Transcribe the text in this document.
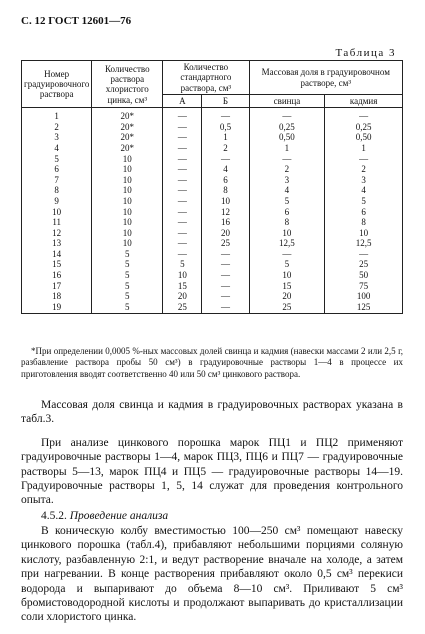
С. 12 ГОСТ 12601—76
Таблица 3
Номер градуировочного раствора	Количество раствора хлористого цинка, см³	Количество стандартного раствора, см³		Массовая доля в градуировочном растворе, см³	
		А	Б	свинца	кадмия
1	20*	—	—	—	—
2	20*	—	0,5	0,25	0,25
3	20*	—	1	0,50	0,50
4	20*	—	2	1	1
5	10	—	—	—	—
6	10	—	4	2	2
7	10	—	6	3	3
8	10	—	8	4	4
9	10	—	10	5	5
10	10	—	12	6	6
11	10	—	16	8	8
12	10	—	20	10	10
13	10	—	25	12,5	12,5
14	5	—	—	—	—
15	5	5	—	5	25
16	5	10	—	10	50
17	5	15	—	15	75
18	5	20	—	20	100
19	5	25	—	25	125
*При определении 0,0005 %-ных массовых долей свинца и кадмия (навески массами 2 или 2,5 г, разбавление раствора пробы 50 см³) в градуировочные растворы 1—4 в процессе их приготовления вводят соответственно 40 или 50 см³ цинкового раствора.

Массовая доля свинца и кадмия в градуировочных растворах указана в табл.3.

При анализе цинкового порошка марок ПЦ1 и ПЦ2 применяют градуировочные растворы 1—4, марок ПЦ3, ПЦ6 и ПЦ7 — градуировочные растворы 5—13, марок ПЦ4 и ПЦ5 — градуировочные растворы 14—19. Градуировочные растворы 1, 5, 14 служат для проведения контрольного опыта.

4.5.2. Проведение анализа

В коническую колбу вместимостью 100—250 см³ помещают навеску цинкового порошка (табл.4), прибавляют небольшими порциями соляную кислоту, разбавленную 2:1, и ведут растворение вначале на холоде, а затем при нагревании. В конце растворения прибавляют около 0,5 см³ перекиси водорода и выпаривают до объема 8—10 см³. Приливают 5 см³ бромистоводородной кислоты и продолжают выпаривать до кристаллизации соли хлористого цинка.
